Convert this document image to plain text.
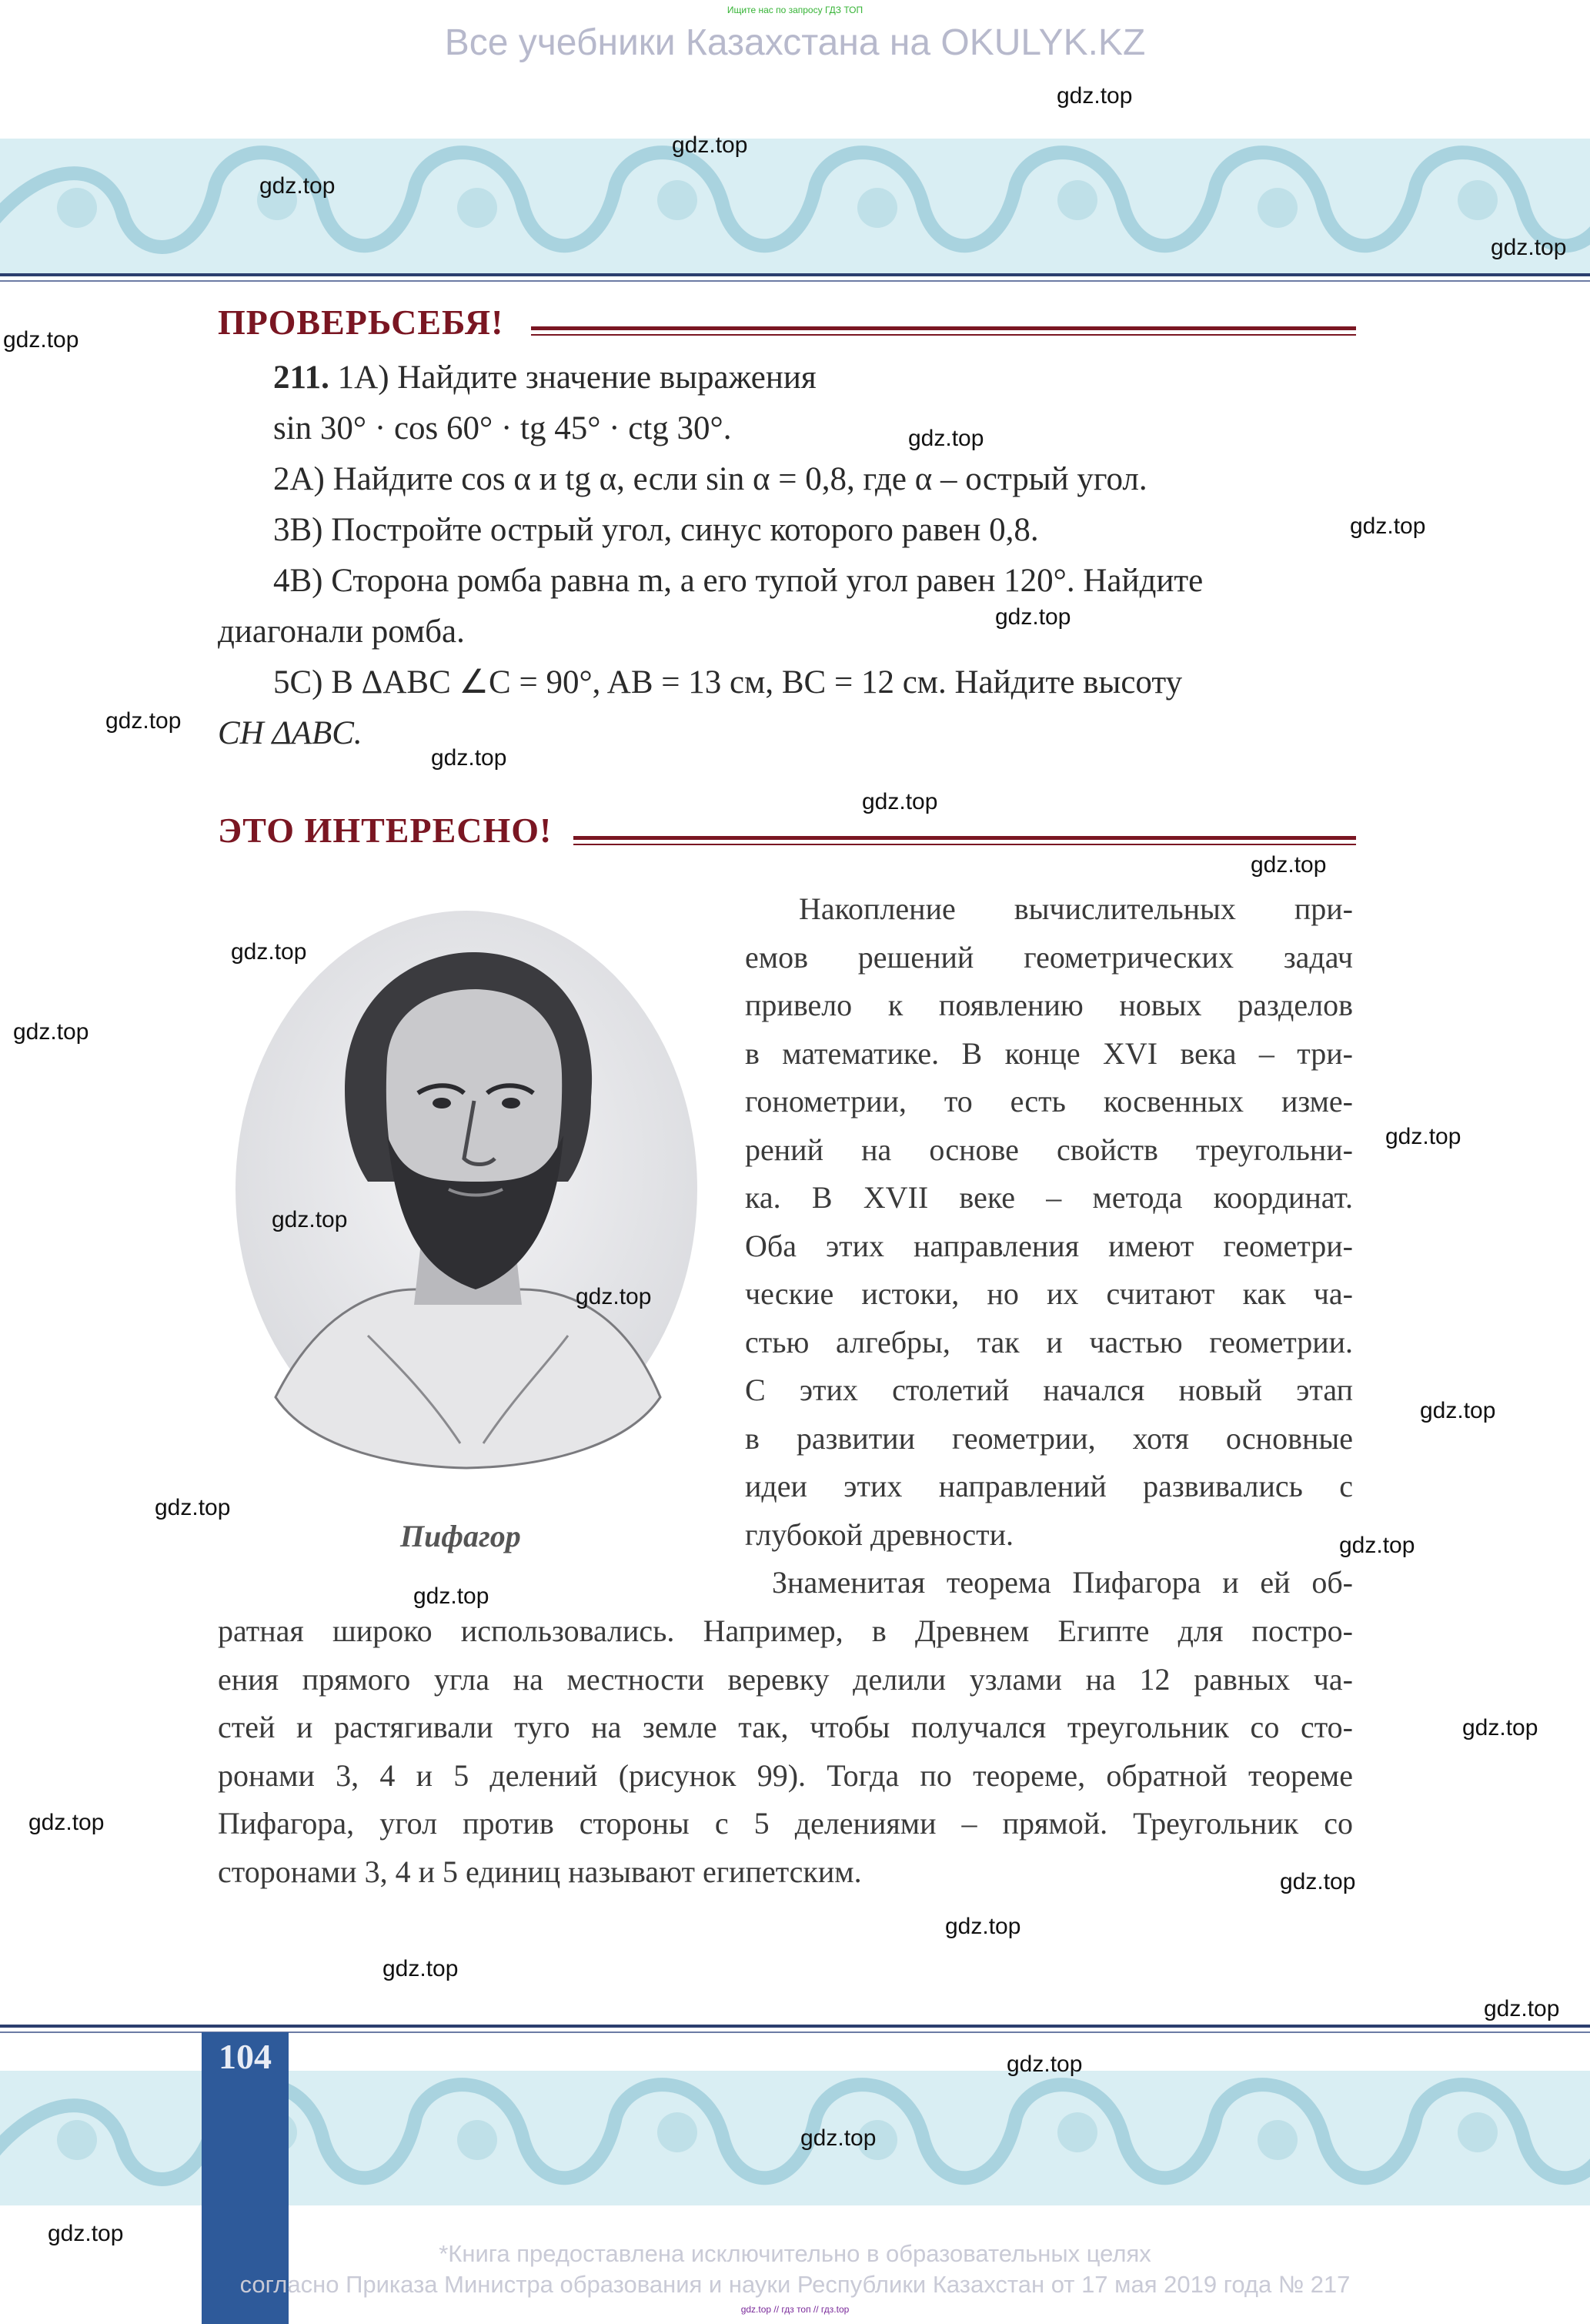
Ищите нас по запросу ГДЗ ТОП
Все учебники Казахстана на OKULYK.KZ
ПРОВЕРЬСЕБЯ!
211. 1А) Найдите значение выражения
sin 30° · cos 60° · tg 45° · ctg 30°.
2А) Найдите cos α и tg α, если sin α = 0,8, где α – острый угол.
3В) Постройте острый угол, синус которого равен 0,8.
4В) Сторона ромба равна m, а его тупой угол равен 120°. Найдите
диагонали ромба.
5С) В ΔABC ∠C = 90°, AB = 13 см, BC = 12 см. Найдите высоту
CH ΔABC.
ЭТО ИНТЕРЕСНО!
Пифагор
Накопление вычислительных при-
емов решений геометрических задач
привело к появлению новых разделов
в математике. В конце XVI века – три-
гонометрии, то есть косвенных изме-
рений на основе свойств треугольни-
ка. В XVII веке – метода координат.
Оба этих направления имеют геометри-
ческие истоки, но их считают как ча-
стью алгебры, так и частью геометрии.
С этих столетий начался новый этап
в развитии геометрии, хотя основные
идеи этих направлений развивались с
глубокой древности.
Знаменитая теорема Пифагора и ей об-
ратная широко использовались. Например, в Древнем Египте для постро-
ения прямого угла на местности веревку делили узлами на 12 равных ча-
стей и растягивали туго на земле так, чтобы получался треугольник со сто-
ронами 3, 4 и 5 делений (рисунок 99). Тогда по теореме, обратной теореме
Пифагора, угол против стороны с 5 делениями – прямой. Треугольник со
сторонами 3, 4 и 5 единиц называют египетским.
104
*Книга предоставлена исключительно в образовательных целях
согласно Приказа Министра образования и науки Республики Казахстан от 17 мая 2019 года № 217
gdz.top // гдз топ // гдз.top
gdz.top
gdz.top
gdz.top
gdz.top
gdz.top
gdz.top
gdz.top
gdz.top
gdz.top
gdz.top
gdz.top
gdz.top
gdz.top
gdz.top
gdz.top
gdz.top
gdz.top
gdz.top
gdz.top
gdz.top
gdz.top
gdz.top
gdz.top
gdz.top
gdz.top
gdz.top
gdz.top
gdz.top
gdz.top
gdz.top
